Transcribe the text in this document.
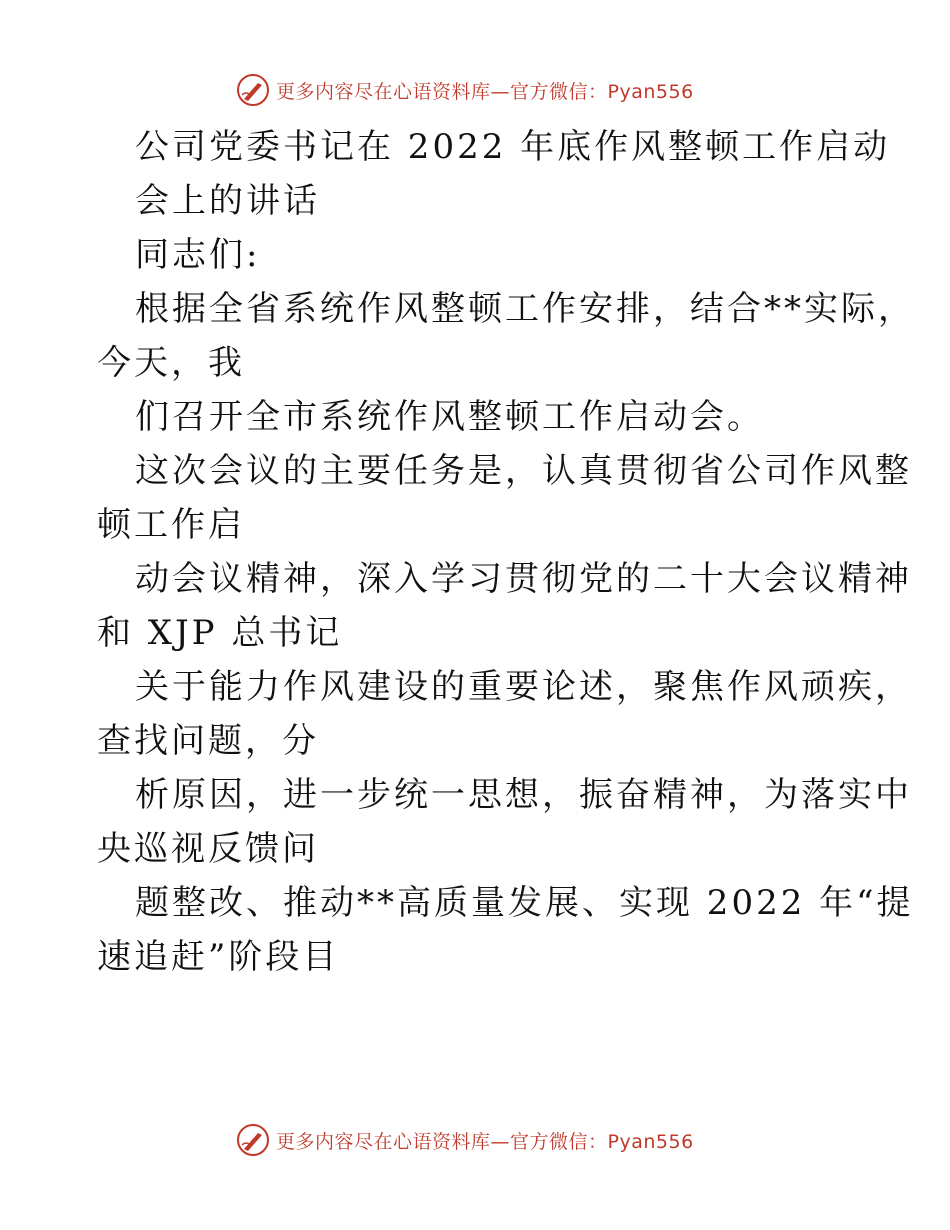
更多内容尽在心语资料库—官方微信：Pyan556
公司党委书记在 2022 年底作风整顿工作启动
会上的讲话
同志们:
根据全省系统作风整顿工作安排，结合**实际，
今天，我
们召开全市系统作风整顿工作启动会。
这次会议的主要任务是，认真贯彻省公司作风整
顿工作启
动会议精神，深入学习贯彻党的二十大会议精神
和 XJP 总书记
关于能力作风建设的重要论述，聚焦作风顽疾，
查找问题，分
析原因，进一步统一思想，振奋精神，为落实中
央巡视反馈问
题整改、推动**高质量发展、实现 2022 年“提
速追赶”阶段目
更多内容尽在心语资料库—官方微信：Pyan556
